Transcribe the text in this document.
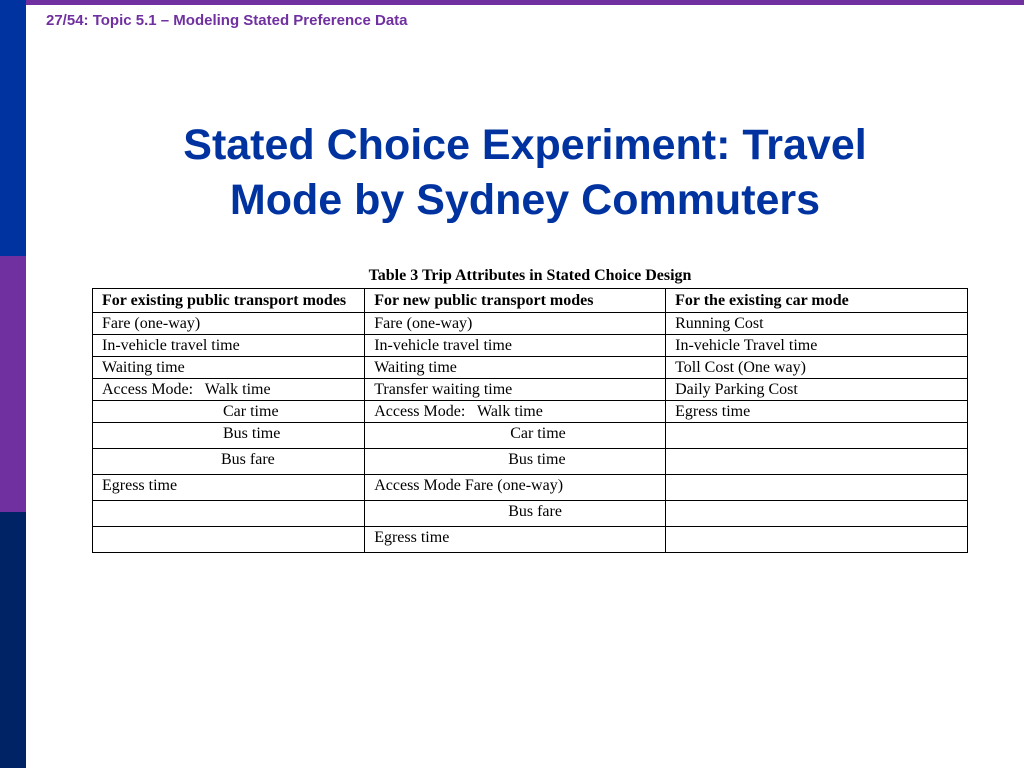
27/54: Topic 5.1 – Modeling Stated Preference Data
Stated Choice Experiment: Travel
Mode by Sydney Commuters
Table 3 Trip Attributes in Stated Choice Design
For existing public transport modes	For new public transport modes	For the existing car mode
Fare (one-way)	Fare (one-way)	Running Cost
In-vehicle travel time	In-vehicle travel time	In-vehicle Travel time
Waiting time	Waiting time	Toll Cost (One way)
Access Mode:   Walk time	Transfer waiting time	Daily Parking Cost
Car time	Access Mode:   Walk time	Egress time
Bus time	Car time	
Bus fare	Bus time	
Egress time	Access Mode Fare (one-way)	
	Bus fare	
	Egress time	
